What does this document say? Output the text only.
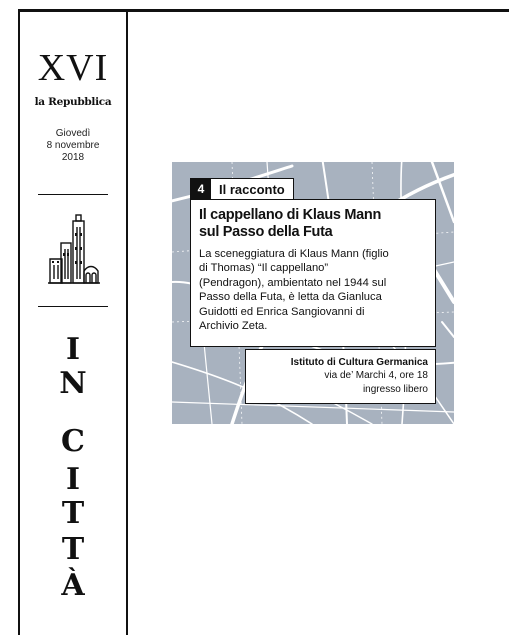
XVI
la Repubblica
Giovedì
8 novembre
2018
I
N
C
I
T
T
À
4	Il racconto
Il cappellano di Klaus Mann
sul Passo della Futa
La sceneggiatura di Klaus Mann (figlio
di Thomas) “Il cappellano”
(Pendragon), ambientato nel 1944 sul
Passo della Futa, è letta da Gianluca
Guidotti ed Enrica Sangiovanni di
Archivio Zeta.
Istituto di Cultura Germanica
via de’ Marchi 4, ore 18
ingresso libero
